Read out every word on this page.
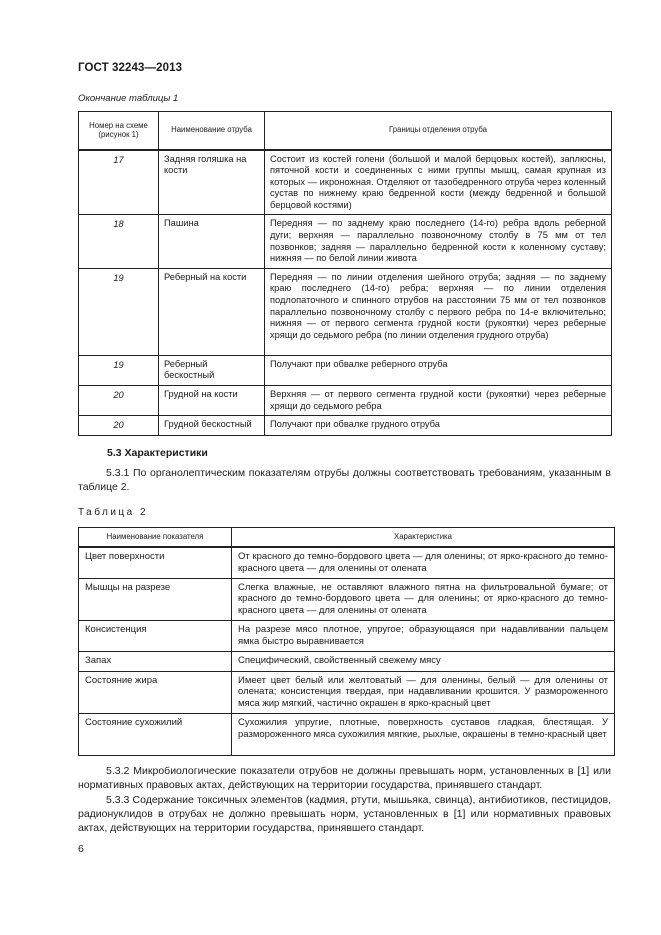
ГОСТ 32243—2013
Окончание таблицы 1
Номер на схеме (рисунок 1)	Наименование отруба	Границы отделения отруба
17	Задняя голяшка на кости	Состоит из костей голени (большой и малой берцовых костей), заплюсны, пяточной кости и соединенных с ними группы мышц, самая крупная из которых — икроножная. Отделяют от тазобедренного отруба через коленный сустав по нижнему краю бедренной кости (между бедренной и большой берцовой костями)
18	Пашина	Передняя — по заднему краю последнего (14-го) ребра вдоль реберной дуги; верхняя — параллельно позвоночному столбу в 75 мм от тел позвонков; задняя — параллельно бедренной кости к коленному суставу; нижняя — по белой линии живота
19	Реберный на кости	Передняя — по линии отделения шейного отруба; задняя — по заднему краю последнего (14-го) ребра; верхняя — по линии отделения подлопаточного и спинного отрубов на расстоянии 75 мм от тел позвонков параллельно позвоночному столбу с первого ребра по 14-е включительно; нижняя — от первого сегмента грудной кости (рукоятки) через реберные хрящи до седьмого ребра (по линии отделения грудного отруба)
19	Реберный бескостный	Получают при обвалке реберного отруба
20	Грудной на кости	Верхняя — от первого сегмента грудной кости (рукоятки) через реберные хрящи до седьмого ребра
20	Грудной бескостный	Получают при обвалке грудного отруба
5.3 Характеристики
5.3.1 По органолептическим показателям отрубы должны соответствовать требованиям, указанным в таблице 2.
Таблица 2
Наименование показателя	Характеристика
Цвет поверхности	От красного до темно-бордового цвета — для оленины; от ярко-красного до темно-красного цвета — для оленины от олената
Мышцы на разрезе	Слегка влажные, не оставляют влажного пятна на фильтровальной бумаге; от красного до темно-бордового цвета — для оленины; от ярко-красного до темно-красного цвета — для оленины от олената
Консистенция	На разрезе мясо плотное, упругое; образующаяся при надавливании пальцем ямка быстро выравнивается
Запах	Специфический, свойственный свежему мясу
Состояние жира	Имеет цвет белый или желтоватый — для оленины, белый — для оленины от олената; консистенция твердая, при надавливании крошится. У размороженного мяса жир мягкий, частично окрашен в ярко-красный цвет
Состояние сухожилий	Сухожилия упругие, плотные, поверхность суставов гладкая, блестящая. У размороженного мяса сухожилия мягкие, рыхлые, окрашены в темно-красный цвет
5.3.2 Микробиологические показатели отрубов не должны превышать норм, установленных в [1] или нормативных правовых актах, действующих на территории государства, принявшего стандарт.
5.3.3 Содержание токсичных элементов (кадмия, ртути, мышьяка, свинца), антибиотиков, пестицидов, радионуклидов в отрубах не должно превышать норм, установленных в [1] или нормативных правовых актах, действующих на территории государства, принявшего стандарт.
6
